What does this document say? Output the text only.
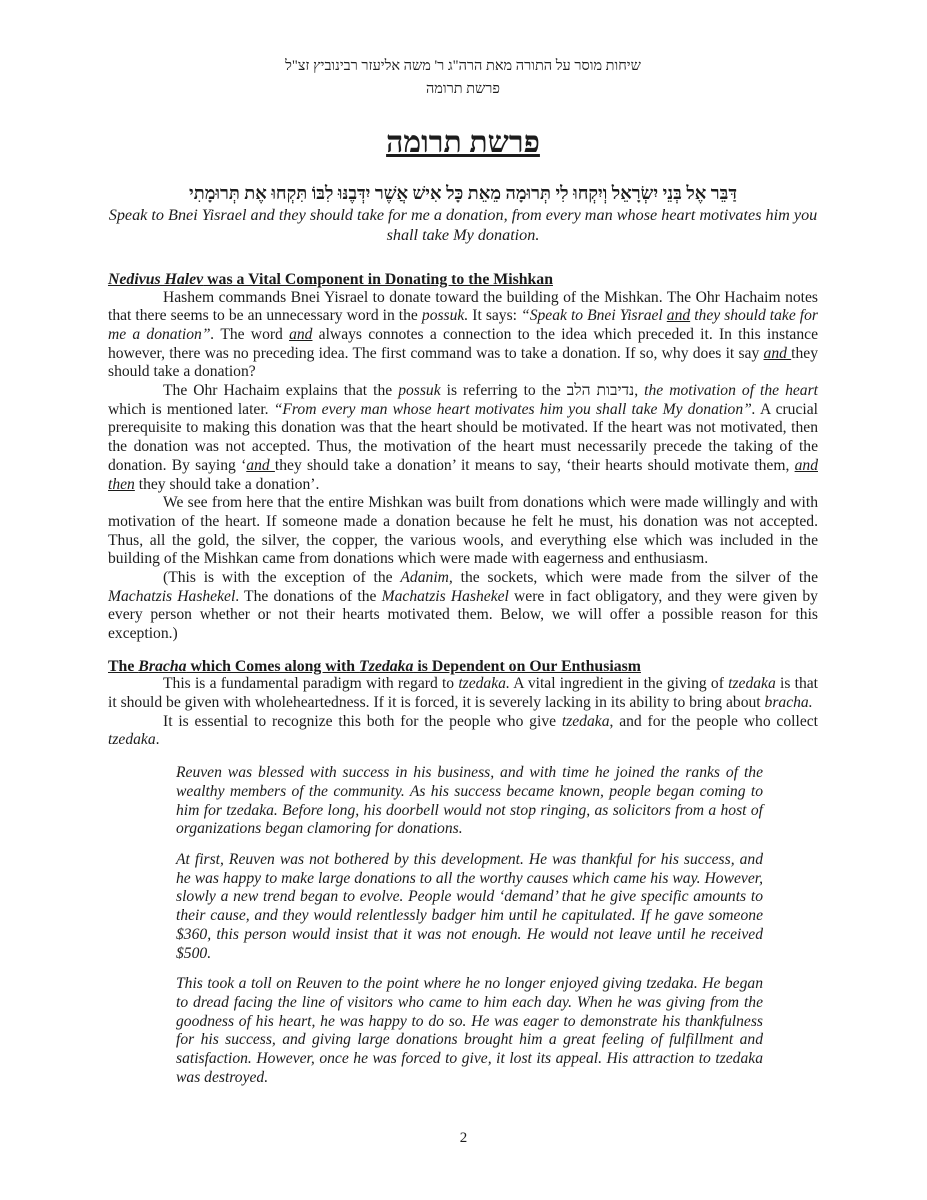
שיחות מוסר על התורה מאת הרה"ג ר' משה אליעזר רבינוביץ זצ"ל
פרשת תרומה
פרשת תרומה
דַּבֵּר אֶל בְּנֵי יִשְׂרָאֵל וְיִקְחוּ לִי תְּרוּמָה מֵאֵת כָּל אִישׁ אֲשֶׁר יִדְּבֶנּוּ לִבּוֹ תִּקְחוּ אֶת תְּרוּמָתִי
Speak to Bnei Yisrael and they should take for me a donation, from every man whose heart motivates him you shall take My donation.
Nedivus Halev was a Vital Component in Donating to the Mishkan

Hashem commands Bnei Yisrael to donate toward the building of the Mishkan. The Ohr Hachaim notes that there seems to be an unnecessary word in the possuk. It says: “Speak to Bnei Yisrael and they should take for me a donation”. The word and always connotes a connection to the idea which preceded it. In this instance however, there was no preceding idea. The first command was to take a donation. If so, why does it say and they should take a donation?

The Ohr Hachaim explains that the possuk is referring to the נדיבות הלב, the motivation of the heart which is mentioned later. “From every man whose heart motivates him you shall take My donation”. A crucial prerequisite to making this donation was that the heart should be motivated. If the heart was not motivated, then the donation was not accepted. Thus, the motivation of the heart must necessarily precede the taking of the donation. By saying ‘and they should take a donation’ it means to say, ‘their hearts should motivate them, and then they should take a donation’.

We see from here that the entire Mishkan was built from donations which were made willingly and with motivation of the heart. If someone made a donation because he felt he must, his donation was not accepted. Thus, all the gold, the silver, the copper, the various wools, and everything else which was included in the building of the Mishkan came from donations which were made with eagerness and enthusiasm.

(This is with the exception of the Adanim, the sockets, which were made from the silver of the Machatzis Hashekel. The donations of the Machatzis Hashekel were in fact obligatory, and they were given by every person whether or not their hearts motivated them. Below, we will offer a possible reason for this exception.)

The Bracha which Comes along with Tzedaka is Dependent on Our Enthusiasm

This is a fundamental paradigm with regard to tzedaka. A vital ingredient in the giving of tzedaka is that it should be given with wholeheartedness. If it is forced, it is severely lacking in its ability to bring about bracha.

It is essential to recognize this both for the people who give tzedaka, and for the people who collect tzedaka.

Reuven was blessed with success in his business, and with time he joined the ranks of the wealthy members of the community. As his success became known, people began coming to him for tzedaka. Before long, his doorbell would not stop ringing, as solicitors from a host of organizations began clamoring for donations.

At first, Reuven was not bothered by this development. He was thankful for his success, and he was happy to make large donations to all the worthy causes which came his way. However, slowly a new trend began to evolve. People would ‘demand’ that he give specific amounts to their cause, and they would relentlessly badger him until he capitulated. If he gave someone $360, this person would insist that it was not enough. He would not leave until he received $500.

This took a toll on Reuven to the point where he no longer enjoyed giving tzedaka. He began to dread facing the line of visitors who came to him each day. When he was giving from the goodness of his heart, he was happy to do so. He was eager to demonstrate his thankfulness for his success, and giving large donations brought him a great feeling of fulfillment and satisfaction. However, once he was forced to give, it lost its appeal. His attraction to tzedaka was destroyed.

2
